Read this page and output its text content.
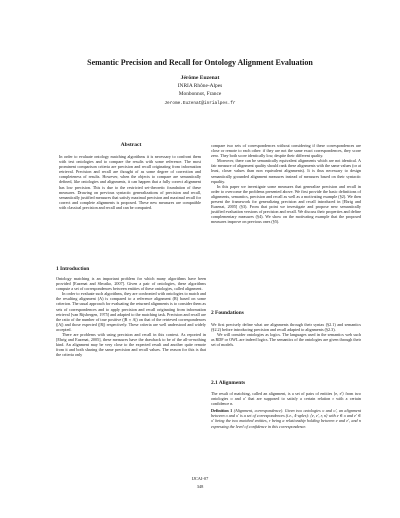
Semantic Precision and Recall for Ontology Alignment Evaluation
Jérôme Euzenat
INRIA Rhône-Alpes
Monbonnot, France
Jerome.Euzenat@inrialpes.fr
Abstract

In order to evaluate ontology matching algorithms it is necessary to confront them with test ontologies and to compare the results with some reference. The most prominent comparison criteria are precision and recall originating from information retrieval. Precision and recall are thought of as some degree of correction and completeness of results. However, when the objects to compare are semantically defined, like ontologies and alignments, it can happen that a fully correct alignment has low precision. This is due to the restricted set-theoretic foundation of these measures. Drawing on previous syntactic generalizations of precision and recall, semantically justified measures that satisfy maximal precision and maximal recall for correct and complete alignments is proposed. These new measures are compatible with classical precision and recall and can be computed.

1 Introduction

Ontology matching is an important problem for which many algorithms have been provided [Euzenat and Shvaiko, 2007]. Given a pair of ontologies, these algorithms compute a set of correspondences between entities of these ontologies, called alignment.

In order to evaluate such algorithms, they are confronted with ontologies to match and the resulting alignment (A) is compared to a reference alignment (R) based on some criterion. The usual approach for evaluating the returned alignments is to consider them as sets of correspondences and to apply precision and recall originating from information retrieval [van Rijsbergen, 1975] and adapted to the matching task. Precision and recall are the ratio of the number of true positive (|R ∩ A|) on that of the retrieved correspondences (|A|) and those expected (|R|) respectively. These criteria are well understood and widely accepted.

There are problems with using precision and recall in this context. As reported in [Ehrig and Euzenat, 2005], these measures have the drawback to be of the all-or-nothing kind. An alignment may be very close to the expected result and another quite remote from it and both sharing the same precision and recall values. The reason for this is that the criteria only

compare two sets of correspondences without considering if these correspondences are close or remote to each other: if they are not the same exact correspondences, they score zero. They both score identically low, despite their different quality.

Moreover, there can be semantically equivalent alignments which are not identical. A fair measure of alignment quality should rank these alignments with the same values (or at least, closer values than non equivalent alignments). It is thus necessary to design semantically grounded alignment measures instead of measures based on their syntactic equality.

In this paper we investigate some measures that generalize precision and recall in order to overcome the problems presented above. We first provide the basic definitions of alignments, semantics, precision and recall as well as a motivating example (§2). We then present the framework for generalizing precision and recall introduced in [Ehrig and Euzenat, 2005] (§3). From that point we investigate and propose new semantically justified evaluation versions of precision and recall. We discuss their properties and define complementary measures (§4). We show on the motivating example that the proposed measures improve on previous ones (§5).

2 Foundations

We first precisely define what are alignments through their syntax (§2.1) and semantics (§2.2) before introducing precision and recall adapted to alignments (§2.3).

We will consider ontologies as logics. The languages used in the semantics web such as RDF or OWL are indeed logics. The semantics of the ontologies are given through their set of models.

2.1 Alignments

The result of matching, called an alignment, is a set of pairs of entities ⟨e, e′⟩ from two ontologies o and o′ that are supposed to satisfy a certain relation r with a certain confidence n.

Definition 1 (Alignment, correspondence). Given two ontologies o and o′, an alignment between o and o′ is a set of correspondences (i.e., 4-uples): ⟨e, e′, r, n⟩ with e ∈ o and e′ ∈ o′ being the two matched entities, r being a relationship holding between e and e′, and n expressing the level of confidence in this correspondence.

IJCAI-07
348
